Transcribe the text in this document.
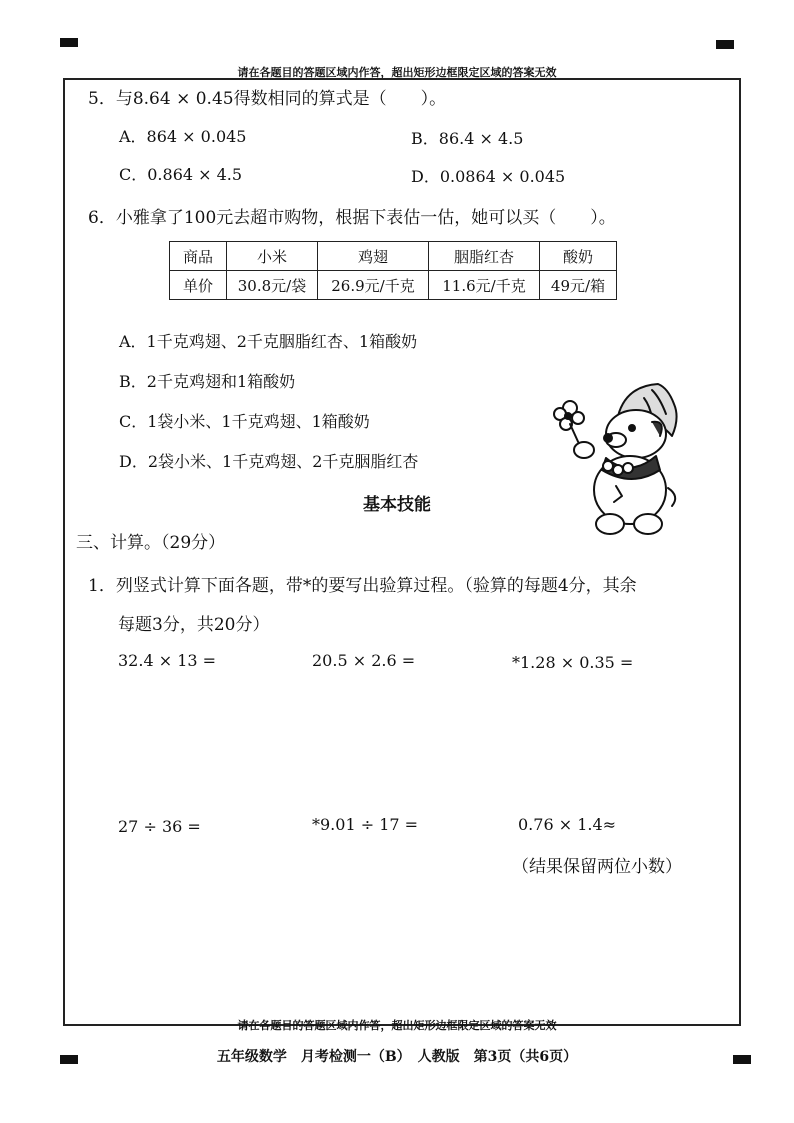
请在各题目的答题区域内作答，超出矩形边框限定区域的答案无效
5．与8.64 × 0.45得数相同的算式是（　　）。
A．864 × 0.045	B．86.4 × 4.5
C．0.864 × 4.5	D．0.0864 × 0.045
6．小雅拿了100元去超市购物，根据下表估一估，她可以买（　　）。
商品	小米	鸡翅	胭脂红杏	酸奶
单价	30.8元/袋	26.9元/千克	11.6元/千克	49元/箱
A．1千克鸡翅、2千克胭脂红杏、1箱酸奶
B．2千克鸡翅和1箱酸奶
C．1袋小米、1千克鸡翅、1箱酸奶
D．2袋小米、1千克鸡翅、2千克胭脂红杏
基本技能
三、计算。（29分）
1．列竖式计算下面各题，带*的要写出验算过程。（验算的每题4分，其余
每题3分，共20分）
32.4 × 13 =	20.5 × 2.6 =	*1.28 × 0.35 =
27 ÷ 36 =	*9.01 ÷ 17 =	0.76 × 1.4≈
（结果保留两位小数）
请在各题目的答题区域内作答，超出矩形边框限定区域的答案无效
五年级数学　月考检测一（B）　人教版　第3页（共6页）
